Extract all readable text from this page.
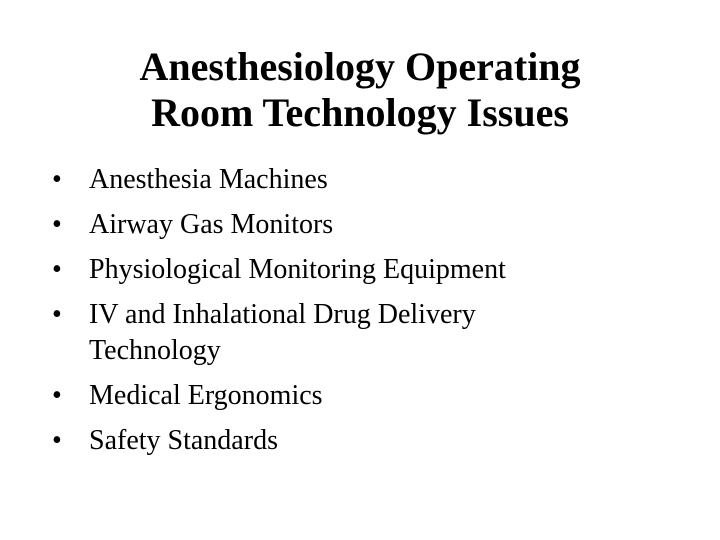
Anesthesiology Operating
Room Technology Issues
• Anesthesia Machines
• Airway Gas Monitors
• Physiological Monitoring Equipment
• IV and Inhalational Drug Delivery Technology
• Medical Ergonomics
• Safety Standards
